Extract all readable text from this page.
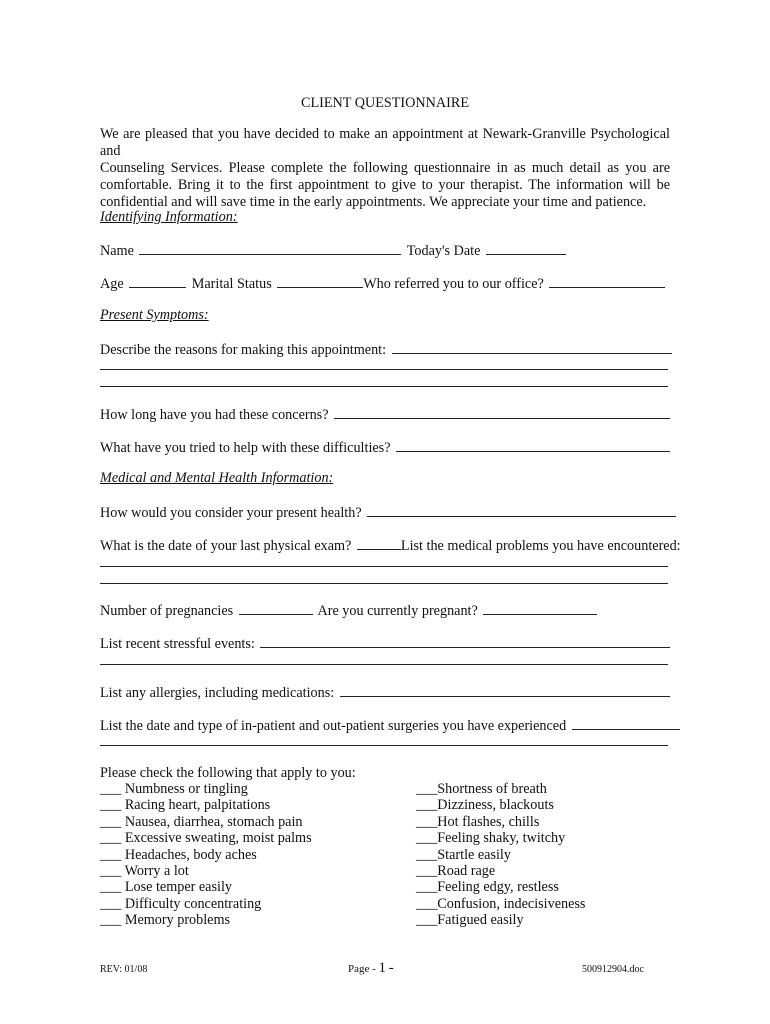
CLIENT QUESTIONNAIRE
We are pleased that you have decided to make an appointment at Newark-Granville Psychological and
Counseling Services. Please complete the following questionnaire in as much detail as you are
comfortable. Bring it to the first appointment to give to your therapist. The information will be
confidential and will save time in the early appointments. We appreciate your time and patience.
Identifying Information:
Name	Today's Date
Age	Marital Status	Who referred you to our office?
Present Symptoms:
Describe the reasons for making this appointment:
How long have you had these concerns?
What have you tried to help with these difficulties?
Medical and Mental Health Information:
How would you consider your present health?
What is the date of your last physical exam?	List the medical problems you have encountered:
Number of pregnancies	Are you currently pregnant?
List recent stressful events:
List any allergies, including medications:
List the date and type of in-patient and out-patient surgeries you have experienced
Please check the following that apply to you:
___ Numbness or tingling
___ Racing heart, palpitations
___ Nausea, diarrhea, stomach pain
___ Excessive sweating, moist palms
___ Headaches, body aches
___ Worry a lot
___ Lose temper easily
___ Difficulty concentrating
___ Memory problems
___Shortness of breath
___Dizziness, blackouts
___Hot flashes, chills
___Feeling shaky, twitchy
___Startle easily
___Road rage
___Feeling edgy, restless
___Confusion, indecisiveness
___Fatigued easily
REV: 01/08	Page - 1 -	500912904.doc
